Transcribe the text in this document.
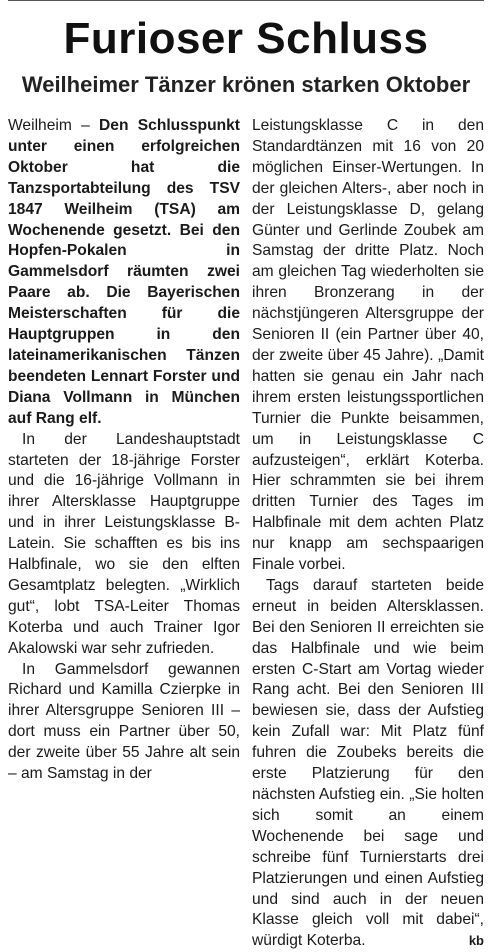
Furioser Schluss
Weilheimer Tänzer krönen starken Oktober

Weilheim – Den Schlusspunkt unter einen erfolgreichen Oktober hat die Tanzsportabteilung des TSV 1847 Weilheim (TSA) am Wochenende gesetzt. Bei den Hopfen-Pokalen in Gammelsdorf räumten zwei Paare ab. Die Bayerischen Meisterschaften für die Hauptgruppen in den lateinamerikanischen Tänzen beendeten Lennart Forster und Diana Vollmann in München auf Rang elf.

In der Landeshauptstadt starteten der 18-jährige Forster und die 16-jährige Vollmann in ihrer Altersklasse Hauptgruppe und in ihrer Leistungsklasse B-Latein. Sie schafften es bis ins Halbfinale, wo sie den elften Gesamtplatz belegten. „Wirklich gut“, lobt TSA-Leiter Thomas Koterba und auch Trainer Igor Akalowski war sehr zufrieden.

In Gammelsdorf gewannen Richard und Kamilla Czierpke in ihrer Altersgruppe Senioren III – dort muss ein Partner über 50, der zweite über 55 Jahre alt sein – am Samstag in der

Leistungsklasse C in den Standardtänzen mit 16 von 20 möglichen Einser-Wertungen. In der gleichen Alters-, aber noch in der Leistungsklasse D, gelang Günter und Gerlinde Zoubek am Samstag der dritte Platz. Noch am gleichen Tag wiederholten sie ihren Bronzerang in der nächstjüngeren Altersgruppe der Senioren II (ein Partner über 40, der zweite über 45 Jahre). „Damit hatten sie genau ein Jahr nach ihrem ersten leistungssportlichen Turnier die Punkte beisammen, um in Leistungsklasse C aufzusteigen“, erklärt Koterba. Hier schrammten sie bei ihrem dritten Turnier des Tages im Halbfinale mit dem achten Platz nur knapp am sechspaarigen Finale vorbei.

Tags darauf starteten beide erneut in beiden Altersklassen. Bei den Senioren II erreichten sie das Halbfinale und wie beim ersten C-Start am Vortag wieder Rang acht. Bei den Senioren III bewiesen sie, dass der Aufstieg kein Zufall war: Mit Platz fünf fuhren die Zoubeks bereits die erste Platzierung für den nächsten Aufstieg ein. „Sie holten sich somit an einem Wochenende bei sage und schreibe fünf Turnierstarts drei Platzierungen und einen Aufstieg und sind auch in der neuen Klasse gleich voll mit dabei“, würdigt Koterba.	kb
